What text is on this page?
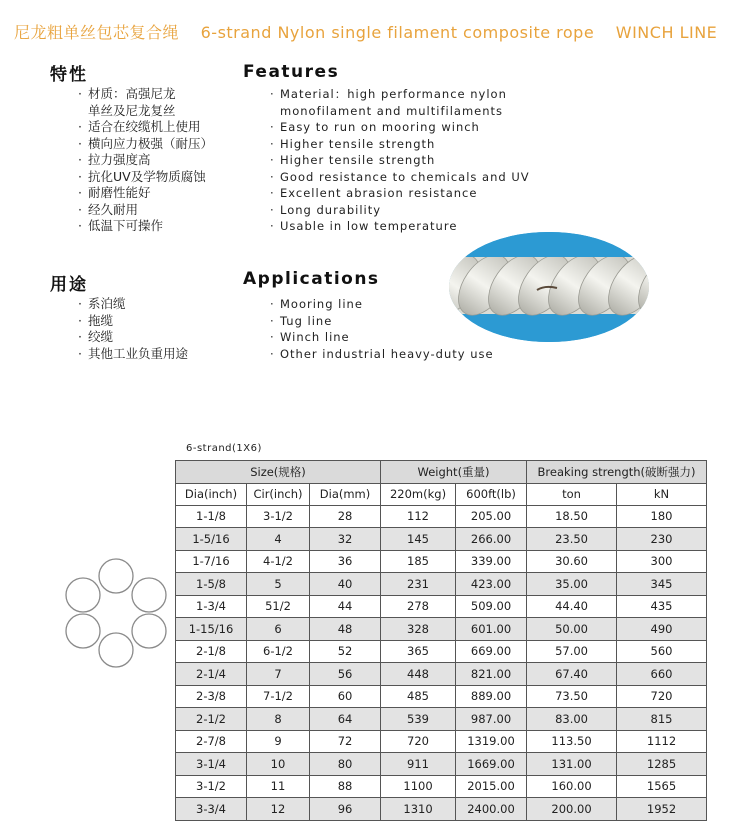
尼龙粗单丝包芯复合绳 6-strand Nylon single filament composite rope WINCH LINE
特性	Features
· 材质：高强尼龙
单丝及尼龙复丝
· 适合在绞缆机上使用
· 横向应力极强（耐压）
· 拉力强度高
· 抗化UV及学物质腐蚀
· 耐磨性能好
· 经久耐用
· 低温下可操作
· Material：high performance nylon
monofilament and multifilaments
· Easy to run on mooring winch
· Higher tensile strength
· Higher tensile strength
· Good resistance to chemicals and UV
· Excellent abrasion resistance
· Long durability
· Usable in low temperature
用途	Applications
· 系泊缆
· 拖缆
· 绞缆
· 其他工业负重用途
· Mooring line
· Tug line
· Winch line
· Other industrial heavy-duty use
6-strand(1X6)
Size(规格)			Weight(重量)		Breaking strength(破断强力)	
Dia(inch)	Cir(inch)	Dia(mm)	220m(kg)	600ft(lb)	ton	kN
1-1/8	3-1/2	28	112	205.00	18.50	180
1-5/16	4	32	145	266.00	23.50	230
1-7/16	4-1/2	36	185	339.00	30.60	300
1-5/8	5	40	231	423.00	35.00	345
1-3/4	51/2	44	278	509.00	44.40	435
1-15/16	6	48	328	601.00	50.00	490
2-1/8	6-1/2	52	365	669.00	57.00	560
2-1/4	7	56	448	821.00	67.40	660
2-3/8	7-1/2	60	485	889.00	73.50	720
2-1/2	8	64	539	987.00	83.00	815
2-7/8	9	72	720	1319.00	113.50	1112
3-1/4	10	80	911	1669.00	131.00	1285
3-1/2	11	88	1100	2015.00	160.00	1565
3-3/4	12	96	1310	2400.00	200.00	1952
